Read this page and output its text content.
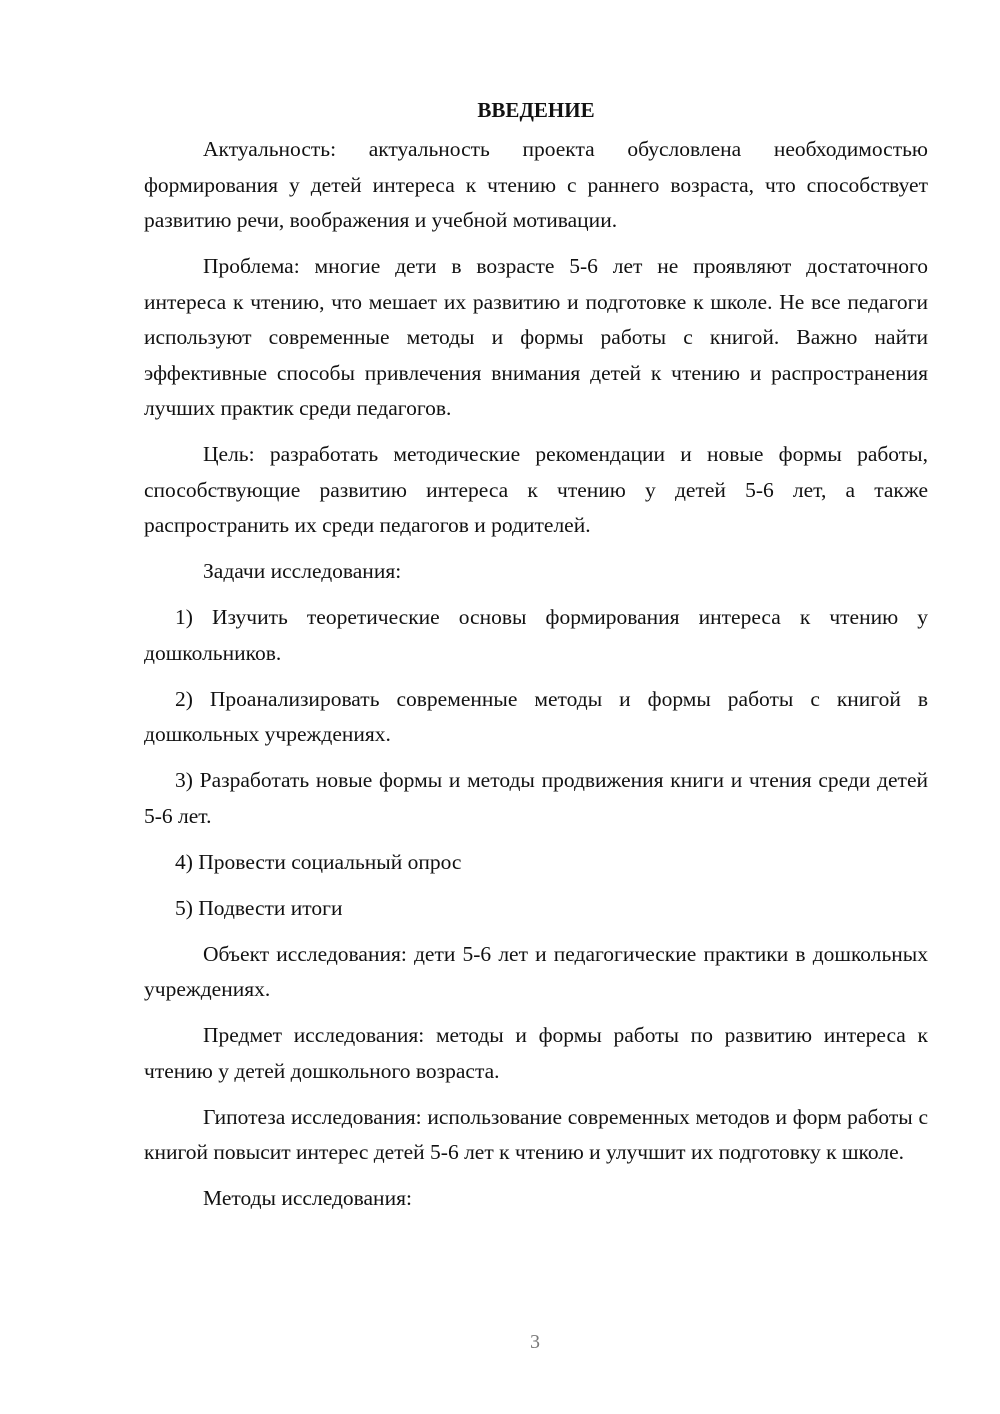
ВВЕДЕНИЕ

Актуальность: актуальность проекта обусловлена необходимостью формирования у детей интереса к чтению с раннего возраста, что способствует развитию речи, воображения и учебной мотивации.

Проблема: многие дети в возрасте 5-6 лет не проявляют достаточного интереса к чтению, что мешает их развитию и подготовке к школе. Не все педагоги используют современные методы и формы работы с книгой. Важно найти эффективные способы привлечения внимания детей к чтению и распространения лучших практик среди педагогов.

Цель: разработать методические рекомендации и новые формы работы, способствующие развитию интереса к чтению у детей 5-6 лет, а также распространить их среди педагогов и родителей.

Задачи исследования:

1) Изучить теоретические основы формирования интереса к чтению у дошкольников.

2) Проанализировать современные методы и формы работы с книгой в дошкольных учреждениях.

3) Разработать новые формы и методы продвижения книги и чтения среди детей 5-6 лет.

4) Провести социальный опрос

5) Подвести итоги

Объект исследования: дети 5-6 лет и педагогические практики в дошкольных учреждениях.

Предмет исследования: методы и формы работы по развитию интереса к чтению у детей дошкольного возраста.

Гипотеза исследования: использование современных методов и форм работы с книгой повысит интерес детей 5-6 лет к чтению и улучшит их подготовку к школе.

Методы исследования:

3
